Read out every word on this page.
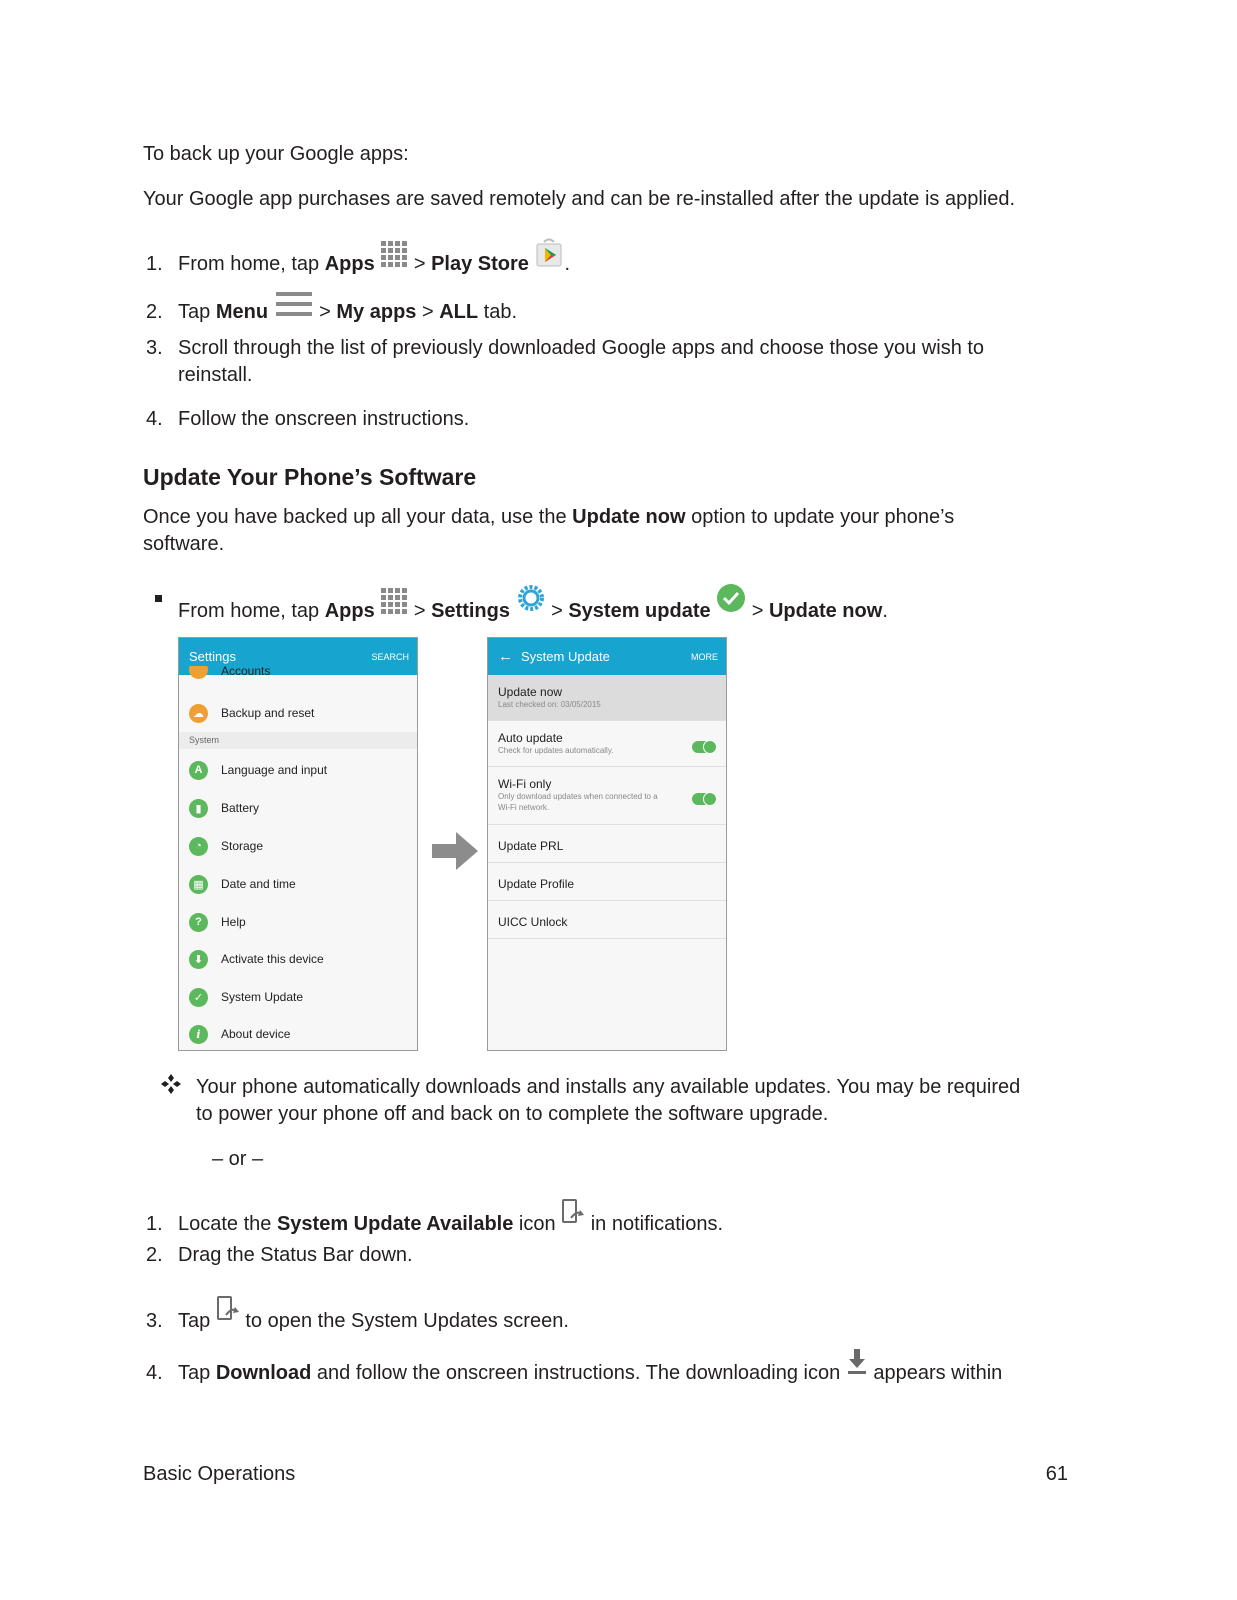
To back up your Google apps:
Your Google app purchases are saved remotely and can be re-installed after the update is applied.
1. From home, tap Apps  > Play Store .
2. Tap Menu  > My apps > ALL tab.
3. Scroll through the list of previously downloaded Google apps and choose those you wish to
reinstall.
4. Follow the onscreen instructions.
Update Your Phone’s Software
Once you have backed up all your data, use the Update now option to update your phone’s
software.
From home, tap Apps  > Settings  > System update  > Update now.
Settings	SEARCH
Accounts
☁	Backup and reset
System
A	Language and input
▮	Battery
◔	Storage
▦	Date and time
?	Help
⬇	Activate this device
✓	System Update
i	About device
← System Update	MORE
Update now
Last checked on: 03/05/2015
Auto update
Check for updates automatically.
Wi-Fi only
Only download updates when connected to a
Wi-Fi network.
Update PRL
Update Profile
UICC Unlock
Your phone automatically downloads and installs any available updates. You may be required
to power your phone off and back on to complete the software upgrade.
– or –
1. Locate the System Update Available icon  in notifications.
2. Drag the Status Bar down.
3. Tap  to open the System Updates screen.
4. Tap Download and follow the onscreen instructions. The downloading icon  appears within
Basic Operations	61
